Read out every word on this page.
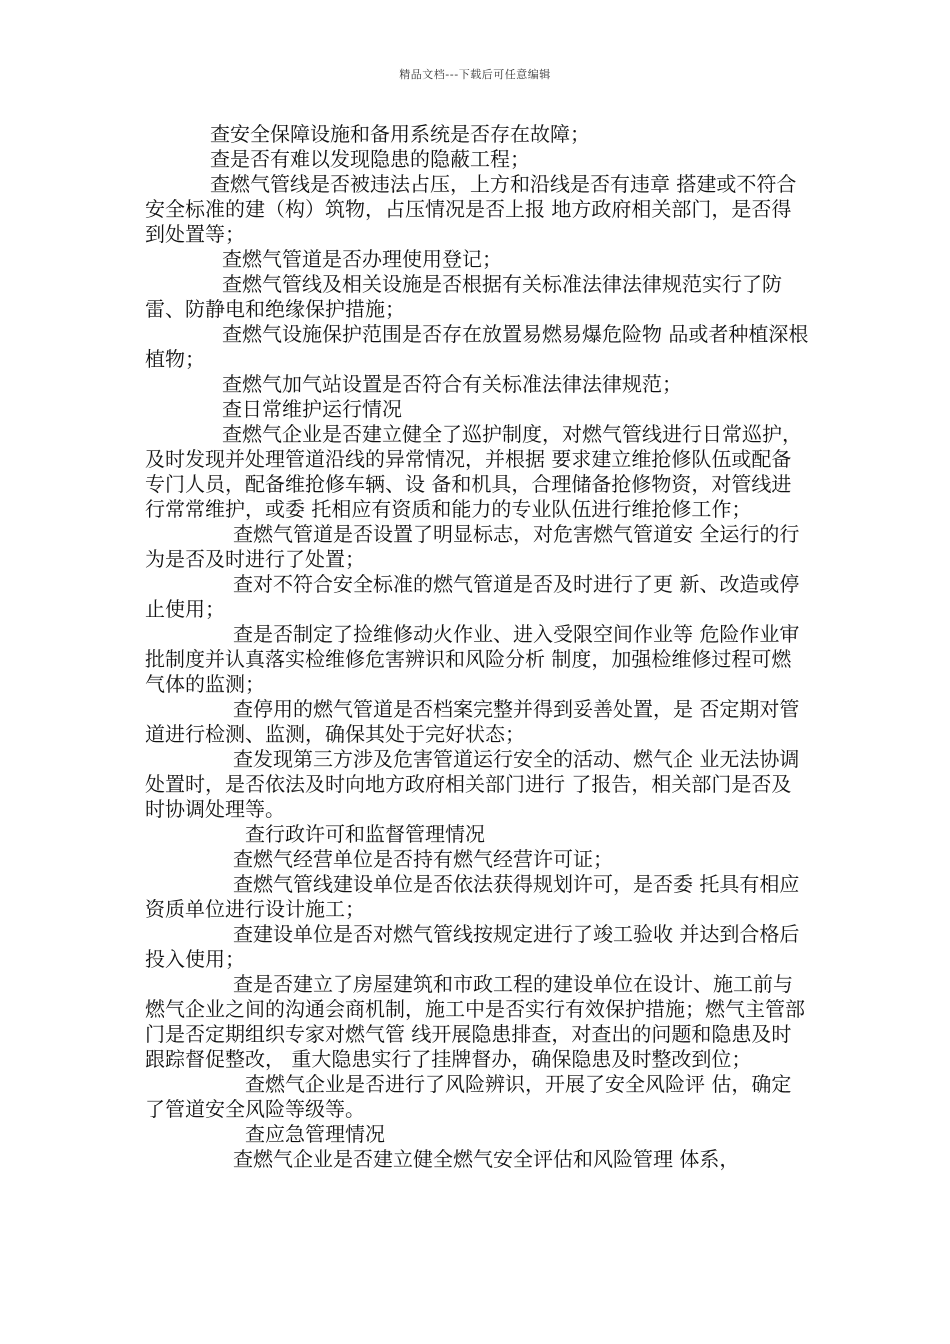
精品文档---下载后可任意编辑

查安全保障设施和备用系统是否存在故障；

查是否有难以发现隐患的隐蔽工程；

查燃气管线是否被违法占压，上方和沿线是否有违章 搭建或不符合安全标准的建（构）筑物，占压情况是否上报 地方政府相关部门，是否得到处置等；

查燃气管道是否办理使用登记；

查燃气管线及相关设施是否根据有关标准法律法律规范实行了防雷、防静电和绝缘保护措施；

查燃气设施保护范围是否存在放置易燃易爆危险物 品或者种植深根植物；

查燃气加气站设置是否符合有关标准法律法律规范；

查日常维护运行情况

查燃气企业是否建立健全了巡护制度，对燃气管线进行日常巡护，及时发现并处理管道沿线的异常情况，并根据 要求建立维抢修队伍或配备专门人员，配备维抢修车辆、设 备和机具，合理储备抢修物资，对管线进行常常维护，或委 托相应有资质和能力的专业队伍进行维抢修工作；

查燃气管道是否设置了明显标志，对危害燃气管道安 全运行的行为是否及时进行了处置；

查对不符合安全标准的燃气管道是否及时进行了更 新、改造或停止使用；

查是否制定了捡维修动火作业、进入受限空间作业等 危险作业审批制度并认真落实检维修危害辨识和风险分析 制度，加强检维修过程可燃气体的监测；

查停用的燃气管道是否档案完整并得到妥善处置，是 否定期对管道进行检测、监测，确保其处于完好状态；

查发现第三方涉及危害管道运行安全的活动、燃气企 业无法协调处置时，是否依法及时向地方政府相关部门进行 了报告，相关部门是否及时协调处理等。

查行政许可和监督管理情况

查燃气经营单位是否持有燃气经营许可证；

查燃气管线建设单位是否依法获得规划许可，是否委 托具有相应资质单位进行设计施工；

查建设单位是否对燃气管线按规定进行了竣工验收 并达到合格后投入使用；

查是否建立了房屋建筑和市政工程的建设单位在设计、施工前与燃气企业之间的沟通会商机制，施工中是否实行有效保护措施；燃气主管部门是否定期组织专家对燃气管 线开展隐患排查，对查出的问题和隐患及时跟踪督促整改， 重大隐患实行了挂牌督办，确保隐患及时整改到位；

查燃气企业是否进行了风险辨识，开展了安全风险评 估，确定了管道安全风险等级等。

查应急管理情况

查燃气企业是否建立健全燃气安全评估和风险管理 体系，
